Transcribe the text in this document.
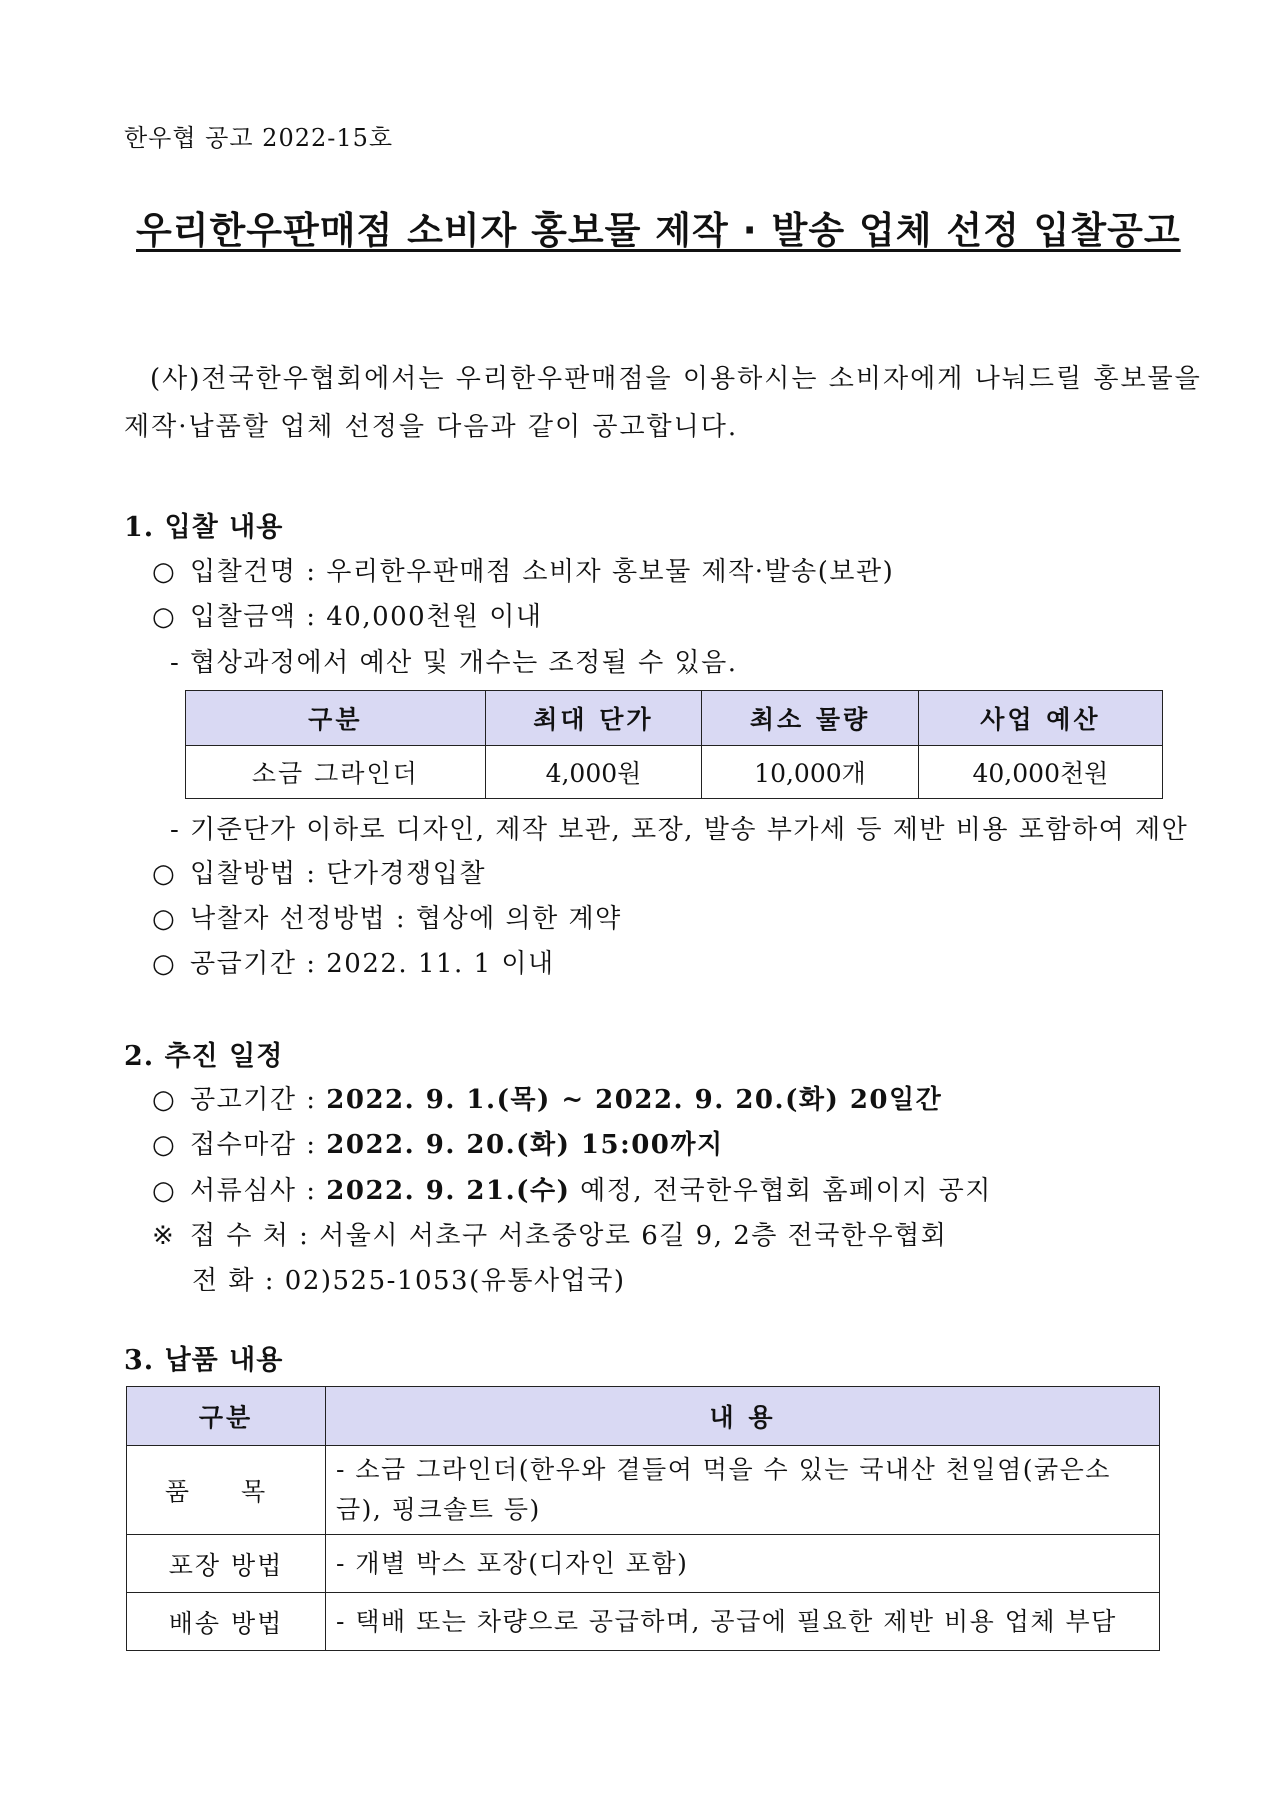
한우협 공고 2022-15호
우리한우판매점 소비자 홍보물 제작 · 발송 업체 선정 입찰공고
(사)전국한우협회에서는 우리한우판매점을 이용하시는 소비자에게 나눠드릴 홍보물을
제작·납품할 업체 선정을 다음과 같이 공고합니다.
1. 입찰 내용
○ 입찰건명 : 우리한우판매점 소비자 홍보물 제작·발송(보관)
○ 입찰금액 : 40,000천원 이내
- 협상과정에서 예산 및 개수는 조정될 수 있음.
구분	최대 단가	최소 물량	사업 예산
소금 그라인더	4,000원	10,000개	40,000천원
- 기준단가 이하로 디자인, 제작 보관, 포장, 발송 부가세 등 제반 비용 포함하여 제안
○ 입찰방법 : 단가경쟁입찰
○ 낙찰자 선정방법 : 협상에 의한 계약
○ 공급기간 : 2022. 11. 1 이내
2. 추진 일정
○ 공고기간 : 2022. 9. 1.(목) ~ 2022. 9. 20.(화) 20일간
○ 접수마감 : 2022. 9. 20.(화) 15:00까지
○ 서류심사 : 2022. 9. 21.(수) 예정, 전국한우협회 홈페이지 공지
※ 접 수 처 : 서울시 서초구 서초중앙로 6길 9, 2층 전국한우협회
전 화 : 02)525-1053(유통사업국)
3. 납품 내용
구분	내 용
품 목	- 소금 그라인더(한우와 곁들여 먹을 수 있는 국내산 천일염(굵은소금), 핑크솔트 등)
포장 방법	- 개별 박스 포장(디자인 포함)
배송 방법	- 택배 또는 차량으로 공급하며, 공급에 필요한 제반 비용 업체 부담
